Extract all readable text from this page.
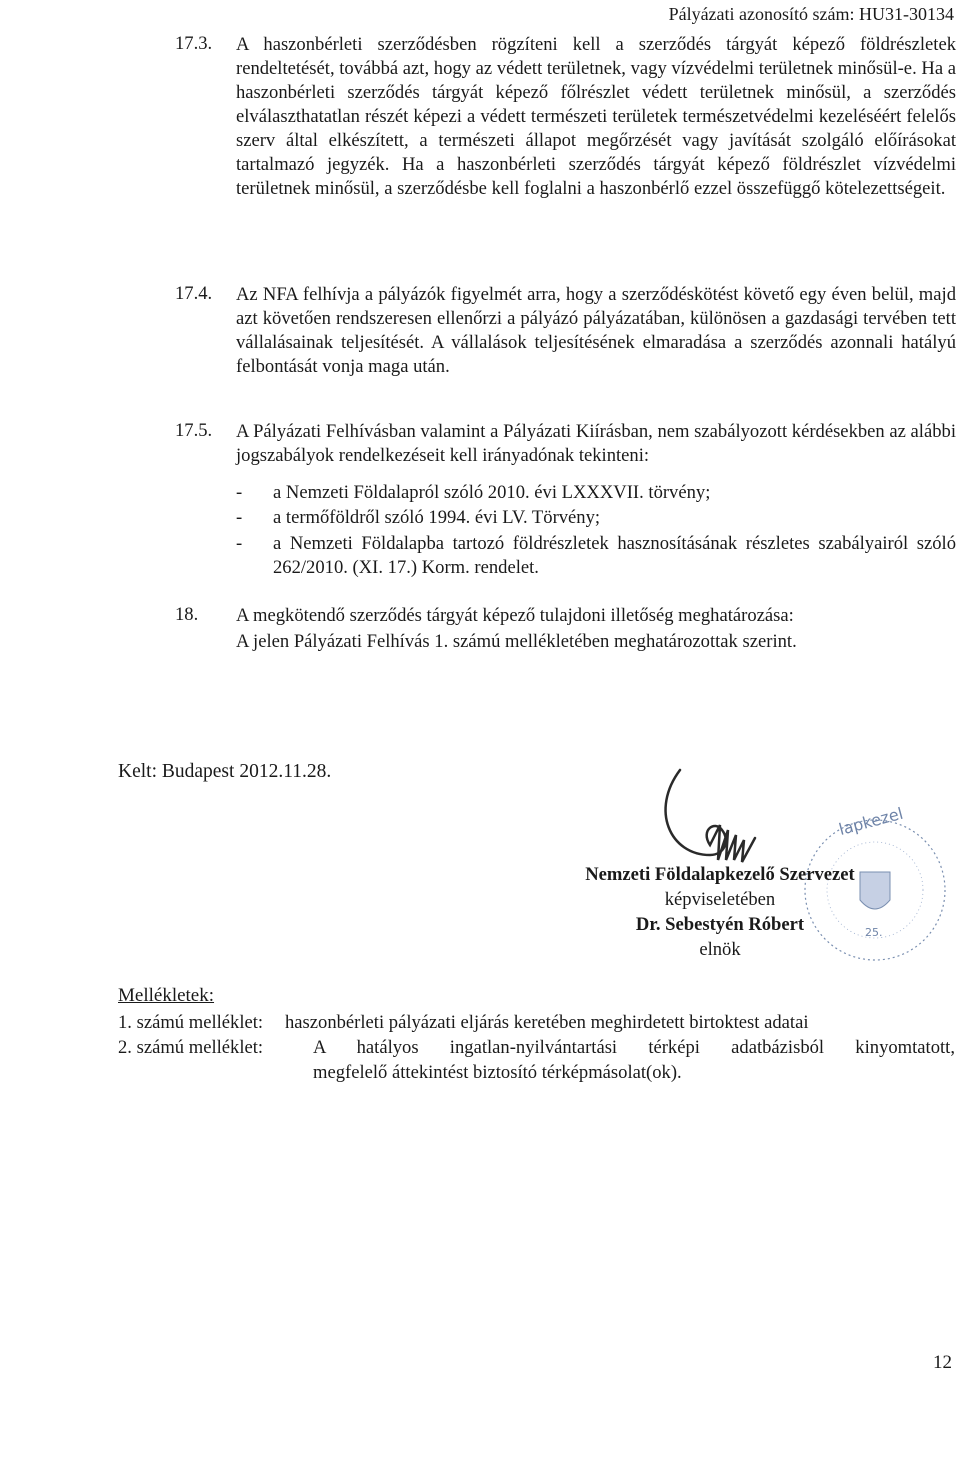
Pályázati azonosító szám: HU31-30134
17.3. A haszonbérleti szerződésben rögzíteni kell a szerződés tárgyát képező földrészletek rendeltetését, továbbá azt, hogy az védett területnek, vagy vízvédelmi területnek minősül-e. Ha a haszonbérleti szerződés tárgyát képező főlrészlet védett területnek minősül, a szerződés elválaszthatatlan részét képezi a védett természeti területek természetvédelmi kezeléséért felelős szerv által elkészített, a természeti állapot megőrzését vagy javítását szolgáló előírásokat tartalmazó jegyzék. Ha a haszonbérleti szerződés tárgyát képező földrészlet vízvédelmi területnek minősül, a szerződésbe kell foglalni a haszonbérlő ezzel összefüggő kötelezettségeit.

17.4. Az NFA felhívja a pályázók figyelmét arra, hogy a szerződéskötést követő egy éven belül, majd azt követően rendszeresen ellenőrzi a pályázó pályázatában, különösen a gazdasági tervében tett vállalásainak teljesítését. A vállalások teljesítésének elmaradása a szerződés azonnali hatályú felbontását vonja maga után.

17.5. A Pályázati Felhívásban valamint a Pályázati Kiírásban, nem szabályozott kérdésekben az alábbi jogszabályok rendelkezéseit kell irányadónak tekinteni:

- a Nemzeti Földalapról szóló 2010. évi LXXXVII. törvény;

- a termőföldről szóló 1994. évi LV. Törvény;

- a Nemzeti Földalapba tartozó földrészletek hasznosításának részletes szabályairól szóló 262/2010. (XI. 17.) Korm. rendelet.

18. A megkötendő szerződés tárgyát képező tulajdoni illetőség meghatározása:
A jelen Pályázati Felhívás 1. számú mellékletében meghatározottak szerint.
Kelt: Budapest 2012.11.28.
lapkezel
25.
Nemzeti Földalapkezelő Szervezet
képviseletében
Dr. Sebestyén Róbert
elnök
Mellékletek:
1. számú melléklet: haszonbérleti pályázati eljárás keretében meghirdetett birtoktest adatai
2. számú melléklet:	A hatályos ingatlan-nyilvántartási térképi adatbázisból kinyomtatott,
megfelelő áttekintést biztosító térképmásolat(ok).
12
